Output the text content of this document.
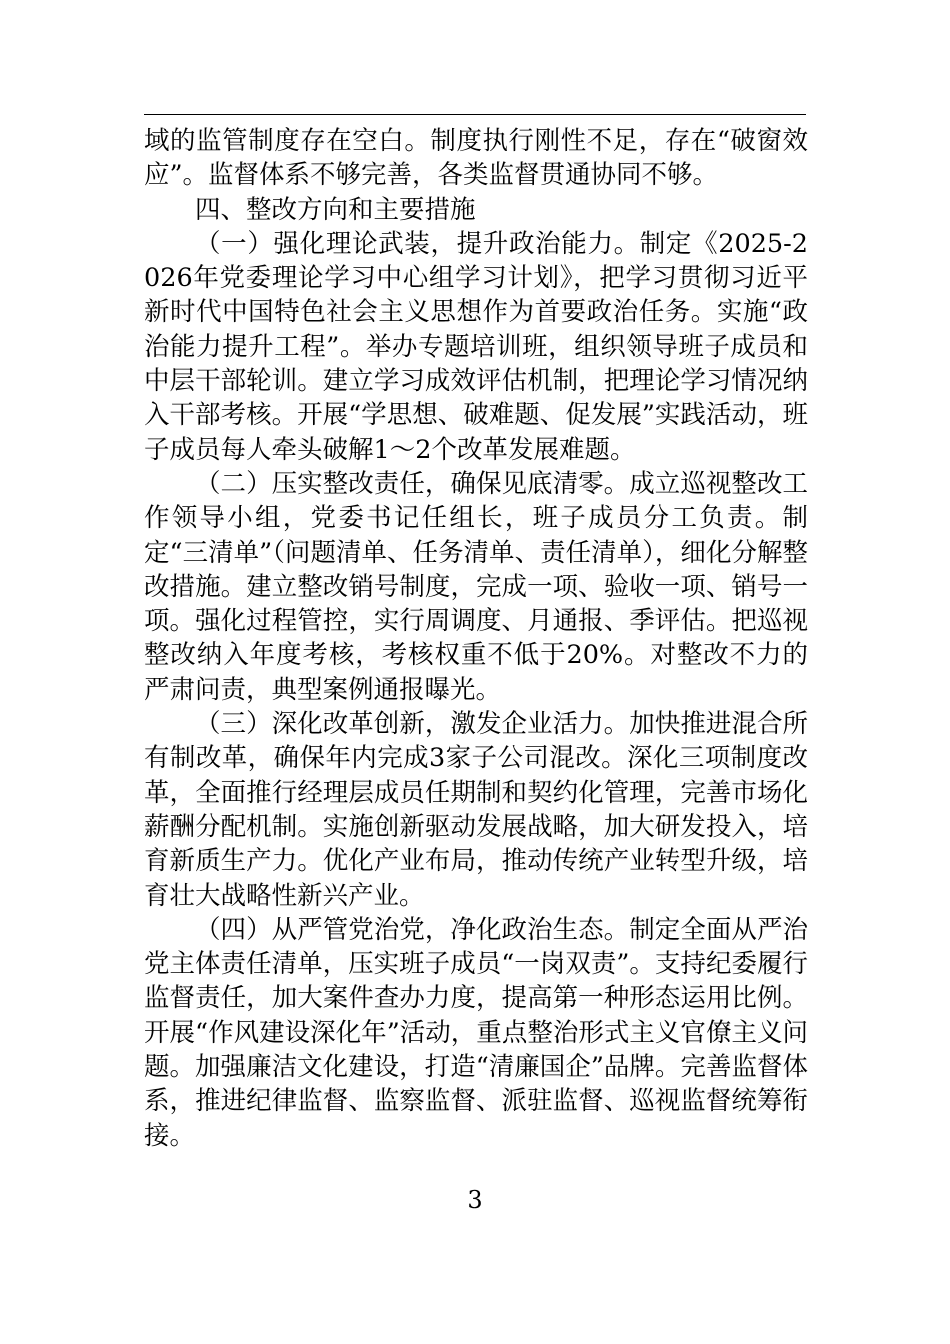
域的监管制度存在空白。制度执行刚性不足，存在“破窗效应”。监督体系不够完善，各类监督贯通协同不够。

四、整改方向和主要措施

（一）强化理论武装，提升政治能力。制定《2025-2026年党委理论学习中心组学习计划》，把学习贯彻习近平新时代中国特色社会主义思想作为首要政治任务。实施“政治能力提升工程”。举办专题培训班，组织领导班子成员和中层干部轮训。建立学习成效评估机制，把理论学习情况纳入干部考核。开展“学思想、破难题、促发展”实践活动，班子成员每人牵头破解1～2个改革发展难题。

（二）压实整改责任，确保见底清零。成立巡视整改工作领导小组，党委书记任组长，班子成员分工负责。制定“三清单”（问题清单、任务清单、责任清单），细化分解整改措施。建立整改销号制度，完成一项、验收一项、销号一项。强化过程管控，实行周调度、月通报、季评估。把巡视整改纳入年度考核，考核权重不低于20%。对整改不力的严肃问责，典型案例通报曝光。

（三）深化改革创新，激发企业活力。加快推进混合所有制改革，确保年内完成3家子公司混改。深化三项制度改革，全面推行经理层成员任期制和契约化管理，完善市场化薪酬分配机制。实施创新驱动发展战略，加大研发投入，培育新质生产力。优化产业布局，推动传统产业转型升级，培育壮大战略性新兴产业。

（四）从严管党治党，净化政治生态。制定全面从严治党主体责任清单，压实班子成员“一岗双责”。支持纪委履行监督责任，加大案件查办力度，提高第一种形态运用比例。开展“作风建设深化年”活动，重点整治形式主义官僚主义问题。加强廉洁文化建设，打造“清廉国企”品牌。完善监督体系，推进纪律监督、监察监督、派驻监督、巡视监督统筹衔接。

3
